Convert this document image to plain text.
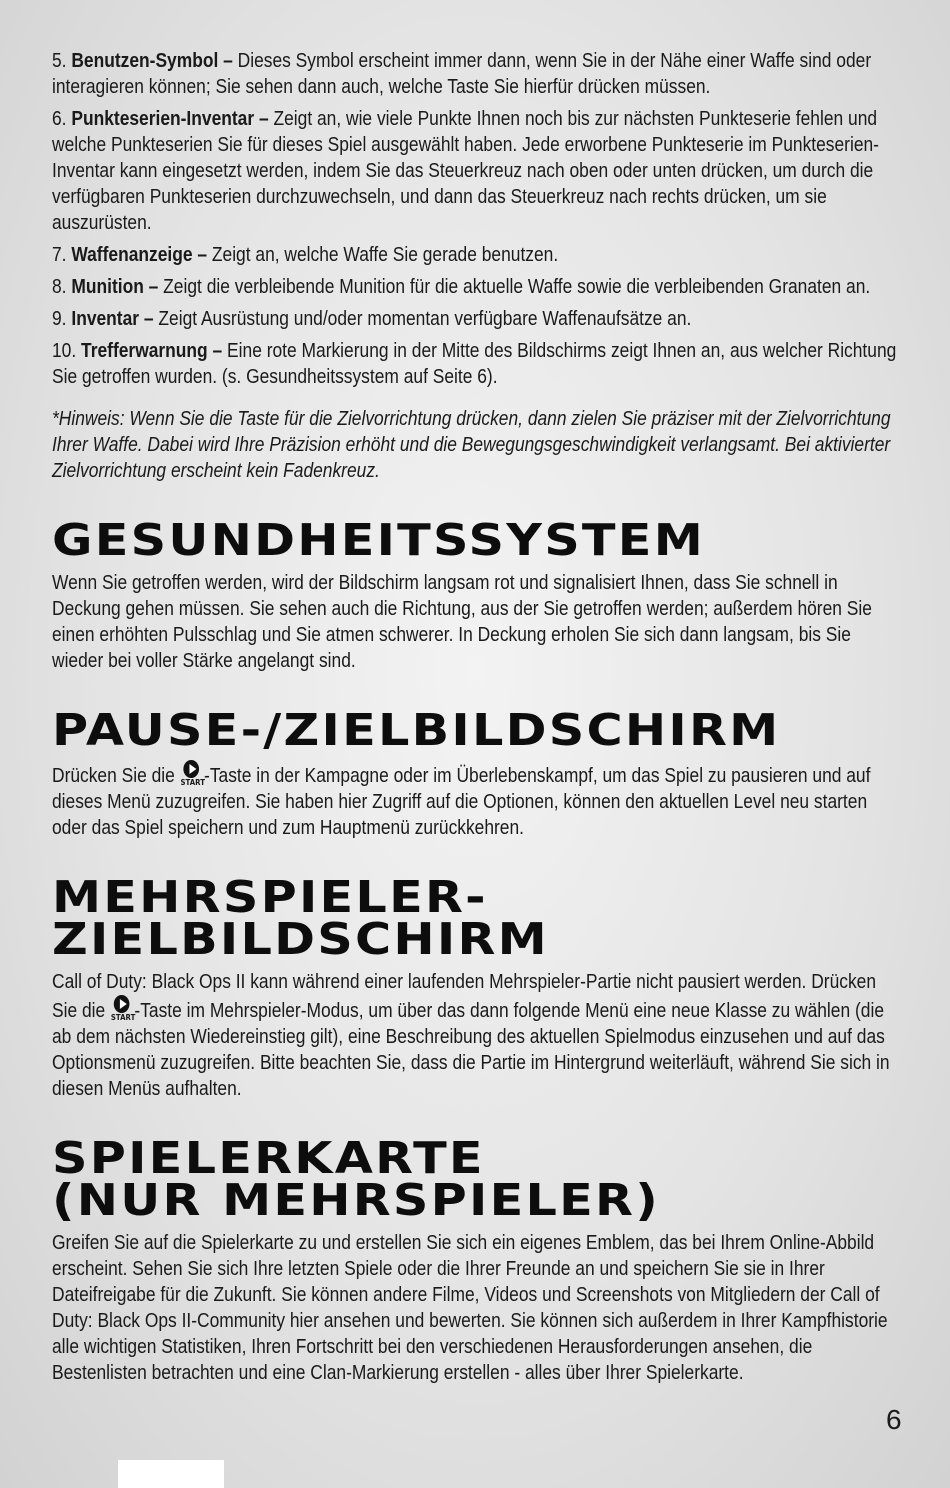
5. Benutzen-Symbol – Dieses Symbol erscheint immer dann, wenn Sie in der Nähe einer Waffe sind oder interagieren können; Sie sehen dann auch, welche Taste Sie hierfür drücken müssen.

6. Punkteserien-Inventar – Zeigt an, wie viele Punkte Ihnen noch bis zur nächsten Punkteserie fehlen und welche Punkteserien Sie für dieses Spiel ausgewählt haben. Jede erworbene Punkteserie im Punkteserien-Inventar kann eingesetzt werden, indem Sie das Steuerkreuz nach oben oder unten drücken, um durch die verfügbaren Punkteserien durchzuwechseln, und dann das Steuerkreuz nach rechts drücken, um sie auszurüsten.

7. Waffenanzeige – Zeigt an, welche Waffe Sie gerade benutzen.

8. Munition – Zeigt die verbleibende Munition für die aktuelle Waffe sowie die verbleibenden Granaten an.

9. Inventar – Zeigt Ausrüstung und/oder momentan verfügbare Waffenaufsätze an.

10. Trefferwarnung – Eine rote Markierung in der Mitte des Bildschirms zeigt Ihnen an, aus welcher Richtung Sie getroffen wurden. (s. Gesundheitssystem auf Seite 6).

*Hinweis: Wenn Sie die Taste für die Zielvorrichtung drücken, dann zielen Sie präziser mit der Zielvorrichtung Ihrer Waffe. Dabei wird Ihre Präzision erhöht und die Bewegungsgeschwindigkeit verlangsamt. Bei aktivierter Zielvorrichtung erscheint kein Fadenkreuz.

GESUNDHEITSSYSTEM

Wenn Sie getroffen werden, wird der Bildschirm langsam rot und signalisiert Ihnen, dass Sie schnell in Deckung gehen müssen. Sie sehen auch die Richtung, aus der Sie getroffen werden; außerdem hören Sie einen erhöhten Pulsschlag und Sie atmen schwerer. In Deckung erholen Sie sich dann langsam, bis Sie wieder bei voller Stärke angelangt sind.

PAUSE-/ZIELBILDSCHIRM

Drücken Sie die START -Taste in der Kampagne oder im Überlebenskampf, um das Spiel zu pausieren und auf dieses Menü zuzugreifen. Sie haben hier Zugriff auf die Optionen, können den aktuellen Level neu starten oder das Spiel speichern und zum Hauptmenü zurückkehren.

MEHRSPIELER-
ZIELBILDSCHIRM

Call of Duty: Black Ops II kann während einer laufenden Mehrspieler-Partie nicht pausiert werden. Drücken Sie die START -Taste im Mehrspieler-Modus, um über das dann folgende Menü eine neue Klasse zu wählen (die ab dem nächsten Wiedereinstieg gilt), eine Beschreibung des aktuellen Spielmodus einzusehen und auf das Optionsmenü zuzugreifen. Bitte beachten Sie, dass die Partie im Hintergrund weiterläuft, während Sie sich in diesen Menüs aufhalten.

SPIELERKARTE
(NUR MEHRSPIELER)

Greifen Sie auf die Spielerkarte zu und erstellen Sie sich ein eigenes Emblem, das bei Ihrem Online-Abbild erscheint. Sehen Sie sich Ihre letzten Spiele oder die Ihrer Freunde an und speichern Sie sie in Ihrer Dateifreigabe für die Zukunft. Sie können andere Filme, Videos und Screenshots von Mitgliedern der Call of Duty: Black Ops II-Community hier ansehen und bewerten. Sie können sich außerdem in Ihrer Kampfhistorie alle wichtigen Statistiken, Ihren Fortschritt bei den verschiedenen Herausforderungen ansehen, die Bestenlisten betrachten und eine Clan-Markierung erstellen - alles über Ihrer Spielerkarte.

6
